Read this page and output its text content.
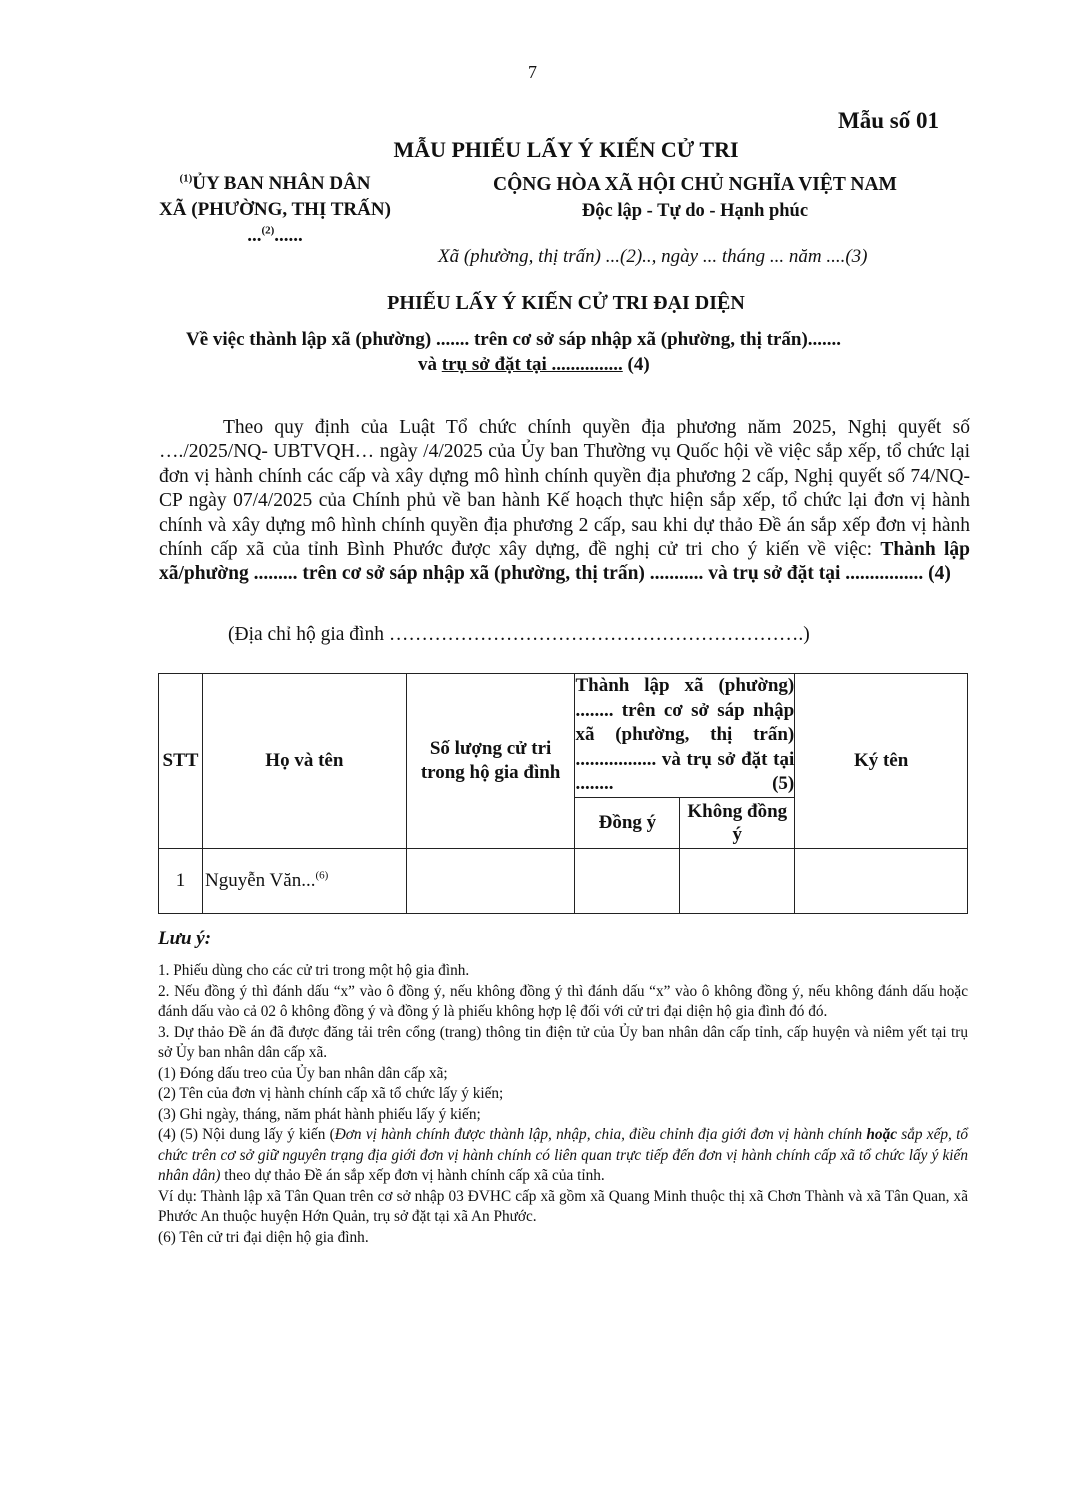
7
Mẫu số 01
MẪU PHIẾU LẤY Ý KIẾN CỬ TRI
$^{(1)}$ỦY BAN NHÂN DÂN
XÃ (PHƯỜNG, THỊ TRẤN)
...$^{(2)}$......
CỘNG HÒA XÃ HỘI CHỦ NGHĨA VIỆT NAM
Độc lập - Tự do - Hạnh phúc
Xã (phường, thị trấn) ...(2).., ngày ... tháng ... năm ....(3)
PHIẾU LẤY Ý KIẾN CỬ TRI ĐẠI DIỆN
Về việc thành lập xã (phường) ....... trên cơ sở sáp nhập xã (phường, thị trấn).......
và trụ sở đặt tại ............... (4)

Theo quy định của Luật Tổ chức chính quyền địa phương năm 2025, Nghị quyết số …./2025/NQ- UBTVQH… ngày /4/2025 của Ủy ban Thường vụ Quốc hội về việc sắp xếp, tổ chức lại đơn vị hành chính các cấp và xây dựng mô hình chính quyền địa phương 2 cấp, Nghị quyết số 74/NQ-CP ngày 07/4/2025 của Chính phủ về ban hành Kế hoạch thực hiện sắp xếp, tổ chức lại đơn vị hành chính và xây dựng mô hình chính quyền địa phương 2 cấp, sau khi dự thảo Đề án sắp xếp đơn vị hành chính cấp xã của tỉnh Bình Phước được xây dựng, đề nghị cử tri cho ý kiến về việc: Thành lập xã/phường ......... trên cơ sở sáp nhập xã (phường, thị trấn) ........... và trụ sở đặt tại ................ (4)

(Địa chỉ hộ gia đình ……………………………………………………….)
STT	Họ và tên	Số lượng cử tri trong hộ gia đình	Thành lập xã (phường) ........ trên cơ sở sáp nhập xã (phường, thị trấn) ................. và trụ sở đặt tại ........ (5)		Ký tên
			Đồng ý	Không đồng ý	
1	Nguyễn Văn...$^{(6)}$				
Lưu ý:
1. Phiếu dùng cho các cử tri trong một hộ gia đình.
2. Nếu đồng ý thì đánh dấu “x” vào ô đồng ý, nếu không đồng ý thì đánh dấu “x” vào ô không đồng ý, nếu không đánh dấu hoặc đánh dấu vào cả 02 ô không đồng ý và đồng ý là phiếu không hợp lệ đối với cử tri đại diện hộ gia đình đó đó.
3. Dự thảo Đề án đã được đăng tải trên cổng (trang) thông tin điện tử của Ủy ban nhân dân cấp tỉnh, cấp huyện và niêm yết tại trụ sở Ủy ban nhân dân cấp xã.
(1) Đóng dấu treo của Ủy ban nhân dân cấp xã;
(2) Tên của đơn vị hành chính cấp xã tổ chức lấy ý kiến;
(3) Ghi ngày, tháng, năm phát hành phiếu lấy ý kiến;
(4) (5) Nội dung lấy ý kiến (Đơn vị hành chính được thành lập, nhập, chia, điều chỉnh địa giới đơn vị hành chính hoặc sắp xếp, tổ chức trên cơ sở giữ nguyên trạng địa giới đơn vị hành chính có liên quan trực tiếp đến đơn vị hành chính cấp xã tổ chức lấy ý kiến nhân dân) theo dự thảo Đề án sắp xếp đơn vị hành chính cấp xã của tỉnh.
Ví dụ: Thành lập xã Tân Quan trên cơ sở nhập 03 ĐVHC cấp xã gồm xã Quang Minh thuộc thị xã Chơn Thành và xã Tân Quan, xã Phước An thuộc huyện Hớn Quản, trụ sở đặt tại xã An Phước.
(6) Tên cử tri đại diện hộ gia đình.
